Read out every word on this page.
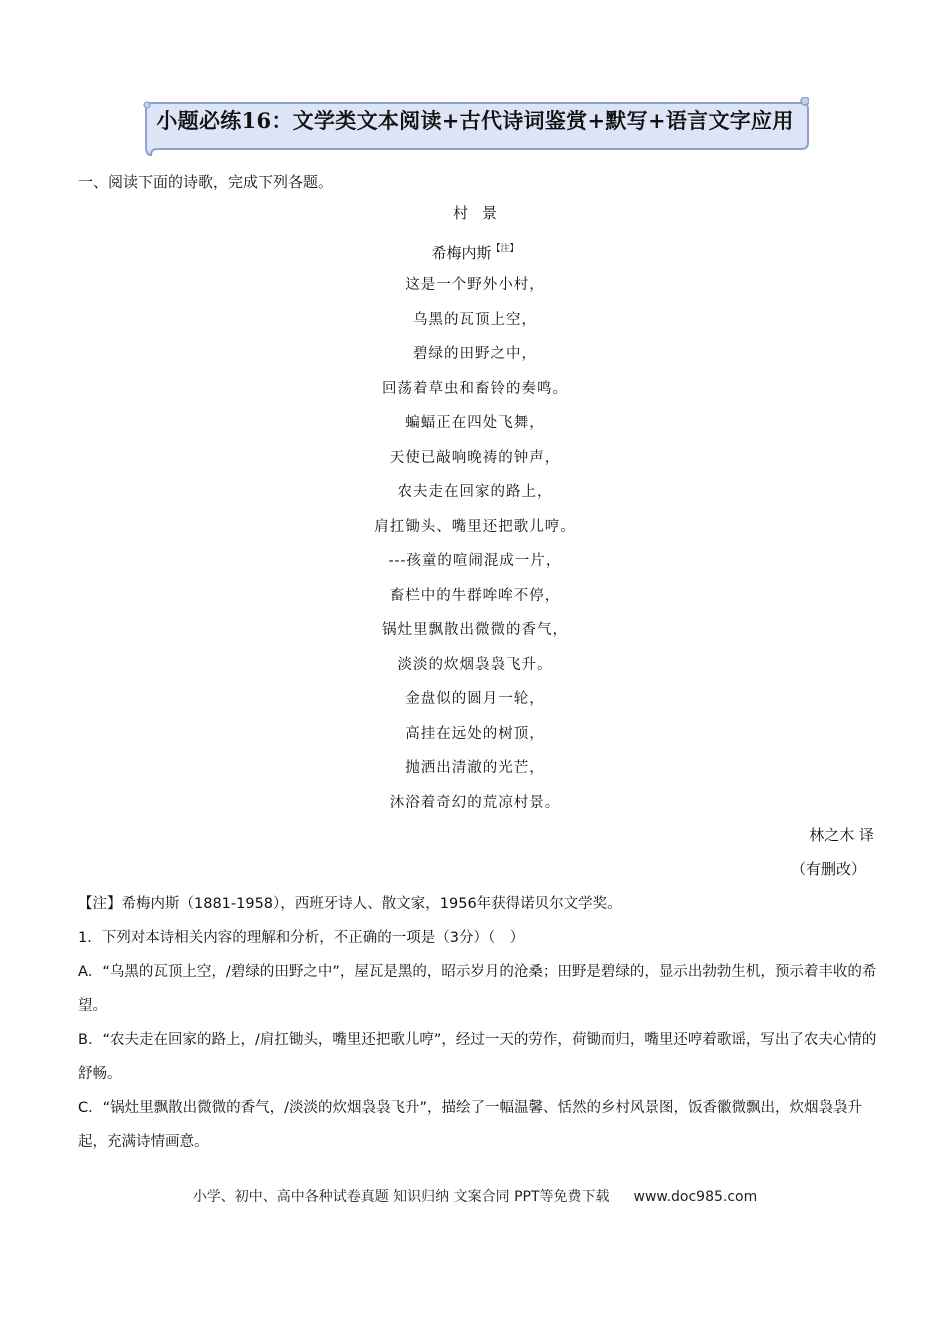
小题必练16：文学类文本阅读+古代诗词鉴赏+默写+语言文字应用
一、阅读下面的诗歌，完成下列各题。
村景
希梅内斯$^{【注】}$
这是一个野外小村，
乌黑的瓦顶上空，
碧绿的田野之中，
回荡着草虫和畜铃的奏鸣。
蝙蝠正在四处飞舞，
天使已敲响晚祷的钟声，
农夫走在回家的路上，
肩扛锄头、嘴里还把歌儿哼。
---孩童的喧闹混成一片，
畜栏中的牛群哞哞不停，
锅灶里飘散出微微的香气，
淡淡的炊烟袅袅飞升。
金盘似的圆月一轮，
高挂在远处的树顶，
抛洒出清澈的光芒，
沐浴着奇幻的荒凉村景。
林之木 译
（有删改）
【注】希梅内斯（1881-1958），西班牙诗人、散文家，1956年获得诺贝尔文学奖。
1．下列对本诗相关内容的理解和分析，不正确的一项是（3分）（　）
A．“乌黑的瓦顶上空，/碧绿的田野之中”，屋瓦是黑的，昭示岁月的沧桑；田野是碧绿的，显示出勃勃生机，预示着丰收的希望。
B．“农夫走在回家的路上，/肩扛锄头，嘴里还把歌儿哼”，经过一天的劳作，荷锄而归，嘴里还哼着歌谣，写出了农夫心情的舒畅。
C．“锅灶里飘散出微微的香气，/淡淡的炊烟袅袅飞升”，描绘了一幅温馨、恬然的乡村风景图，饭香徽微飘出，炊烟袅袅升起，充满诗情画意。
小学、初中、高中各种试卷真题 知识归纳 文案合同 PPT等免费下载 www.doc985.com
